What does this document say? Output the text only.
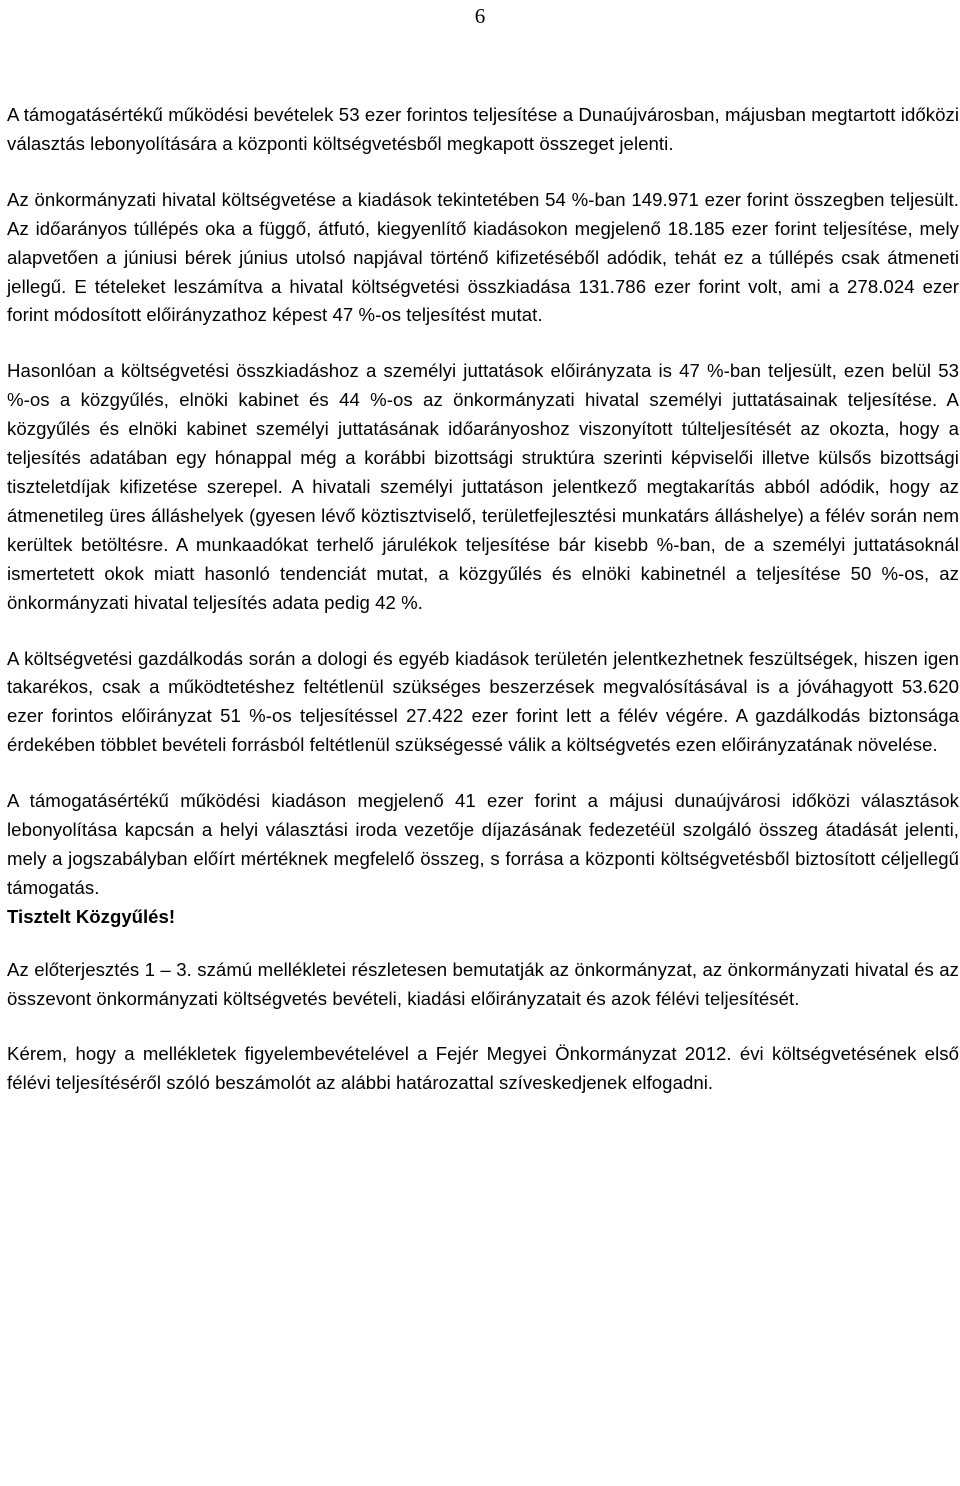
6

A támogatásértékű működési bevételek 53 ezer forintos teljesítése a Dunaújvárosban, májusban megtartott időközi választás lebonyolítására a központi költségvetésből megkapott összeget jelenti.

Az önkormányzati hivatal költségvetése a kiadások tekintetében 54 %-ban 149.971 ezer forint összegben teljesült. Az időarányos túllépés oka a függő, átfutó, kiegyenlítő kiadásokon megjelenő 18.185 ezer forint teljesítése, mely alapvetően a júniusi bérek június utolsó napjával történő kifizetéséből adódik, tehát ez a túllépés csak átmeneti jellegű. E tételeket leszámítva a hivatal költségvetési összkiadása 131.786 ezer forint volt, ami a 278.024 ezer forint módosított előirányzathoz képest 47 %-os teljesítést mutat.

Hasonlóan a költségvetési összkiadáshoz a személyi juttatások előirányzata is 47 %-ban teljesült, ezen belül 53 %-os a közgyűlés, elnöki kabinet és 44 %-os az önkormányzati hivatal személyi juttatásainak teljesítése. A közgyűlés és elnöki kabinet személyi juttatásának időarányoshoz viszonyított túlteljesítését az okozta, hogy a teljesítés adatában egy hónappal még a korábbi bizottsági struktúra szerinti képviselői illetve külsős bizottsági tiszteletdíjak kifizetése szerepel. A hivatali személyi juttatáson jelentkező megtakarítás abból adódik, hogy az átmenetileg üres álláshelyek (gyesen lévő köztisztviselő, területfejlesztési munkatárs álláshelye) a félév során nem kerültek betöltésre. A munkaadókat terhelő járulékok teljesítése bár kisebb %-ban, de a személyi juttatásoknál ismertetett okok miatt hasonló tendenciát mutat, a közgyűlés és elnöki kabinetnél a teljesítése 50 %-os, az önkormányzati hivatal teljesítés adata pedig 42 %.

A költségvetési gazdálkodás során a dologi és egyéb kiadások területén jelentkezhetnek feszültségek, hiszen igen takarékos, csak a működtetéshez feltétlenül szükséges beszerzések megvalósításával is a jóváhagyott 53.620 ezer forintos előirányzat 51 %-os teljesítéssel 27.422 ezer forint lett a félév végére. A gazdálkodás biztonsága érdekében többlet bevételi forrásból feltétlenül szükségessé válik a költségvetés ezen előirányzatának növelése.

A támogatásértékű működési kiadáson megjelenő 41 ezer forint a májusi dunaújvárosi időközi választások lebonyolítása kapcsán a helyi választási iroda vezetője díjazásának fedezetéül szolgáló összeg átadását jelenti, mely a jogszabályban előírt mértéknek megfelelő összeg, s forrása a központi költségvetésből biztosított céljellegű támogatás.

Tisztelt Közgyűlés!

Az előterjesztés 1 – 3. számú mellékletei részletesen bemutatják az önkormányzat, az önkormányzati hivatal és az összevont önkormányzati költségvetés bevételi, kiadási előirányzatait és azok félévi teljesítését.

Kérem, hogy a mellékletek figyelembevételével a Fejér Megyei Önkormányzat 2012. évi költségvetésének első félévi teljesítéséről szóló beszámolót az alábbi határozattal szíveskedjenek elfogadni.
